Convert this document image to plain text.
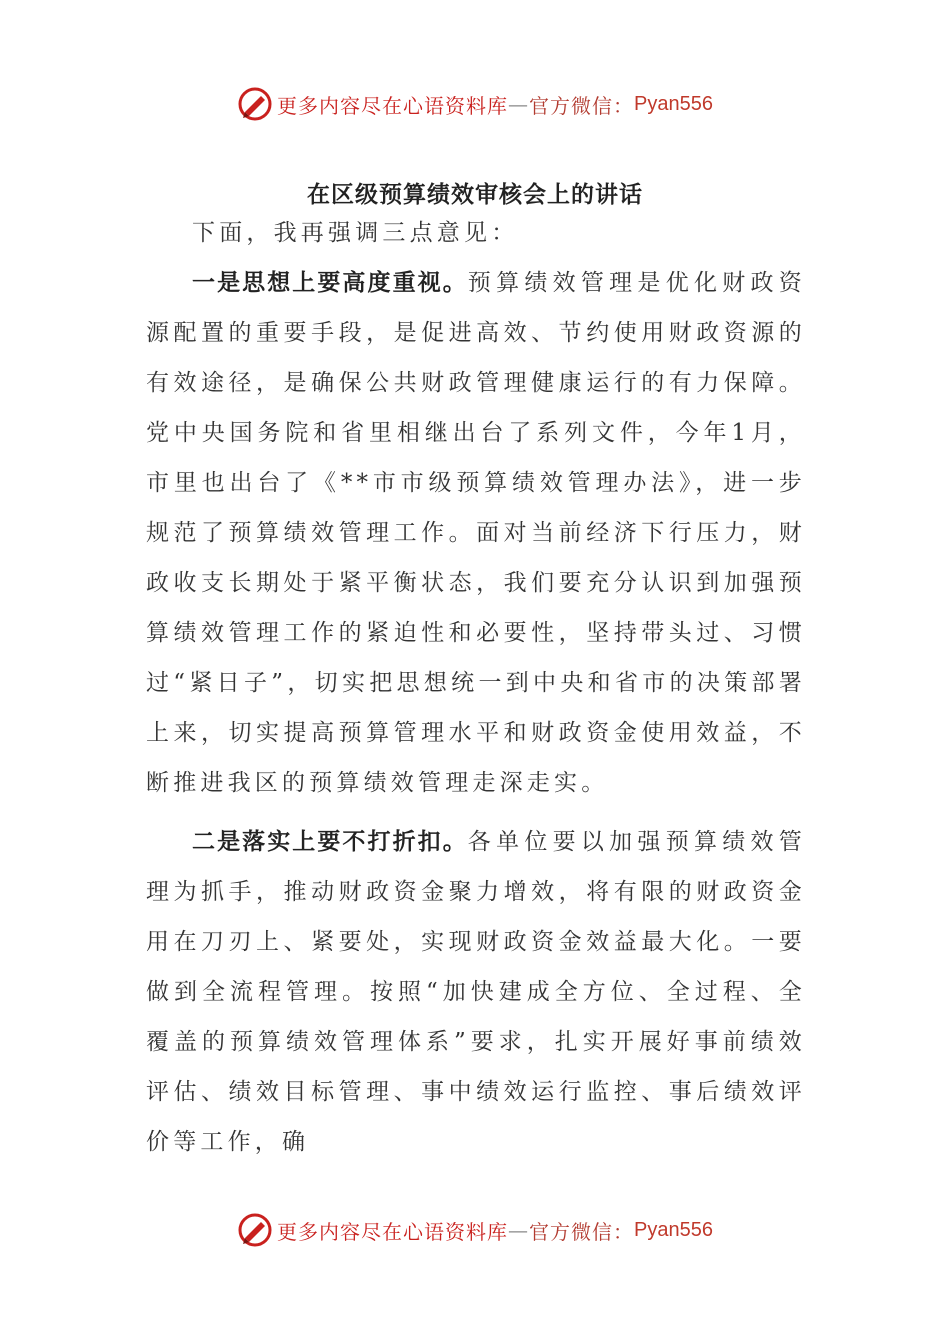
更多内容尽在心语资料库 — 官方微信： Pyan556
在区级预算绩效审核会上的讲话

下面，我再强调三点意见：

一是思想上要高度重视。预算绩效管理是优化财政资源配置的重要手段，是促进高效、节约使用财政资源的有效途径，是确保公共财政管理健康运行的有力保障。党中央国务院和省里相继出台了系列文件，今年1月，市里也出台了《**市市级预算绩效管理办法》，进一步规范了预算绩效管理工作。面对当前经济下行压力，财政收支长期处于紧平衡状态，我们要充分认识到加强预算绩效管理工作的紧迫性和必要性，坚持带头过、习惯过“紧日子”，切实把思想统一到中央和省市的决策部署上来，切实提高预算管理水平和财政资金使用效益，不断推进我区的预算绩效管理走深走实。

二是落实上要不打折扣。各单位要以加强预算绩效管理为抓手，推动财政资金聚力增效，将有限的财政资金用在刀刃上、紧要处，实现财政资金效益最大化。一要做到全流程管理。按照“加快建成全方位、全过程、全覆盖的预算绩效管理体系”要求，扎实开展好事前绩效评估、绩效目标管理、事中绩效运行监控、事后绩效评价等工作，确

更多内容尽在心语资料库 — 官方微信： Pyan556
